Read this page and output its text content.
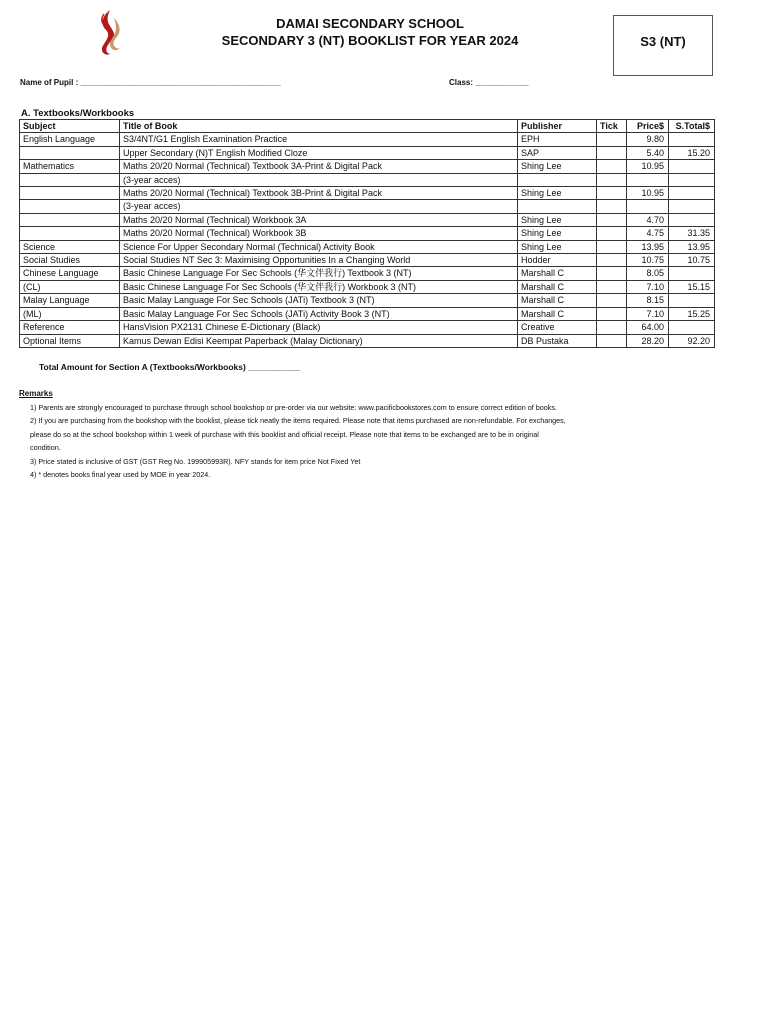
DAMAI SECONDARY SCHOOL
SECONDARY 3 (NT) BOOKLIST FOR YEAR 2024	S3 (NT)
Name of Pupil : _____________________________________________	Class: ____________
A. Textbooks/Workbooks
Subject	Title of Book	Publisher	Tick	Price$	S.Total$
English Language	S3/4NT/G1 English Examination Practice	EPH		9.80	
	Upper Secondary (N)T English Modified Cloze	SAP		5.40	15.20
Mathematics	Maths 20/20 Normal (Technical) Textbook 3A-Print & Digital Pack	Shing Lee		10.95	
	(3-year acces)				
	Maths 20/20 Normal (Technical) Textbook 3B-Print & Digital Pack	Shing Lee		10.95	
	(3-year acces)				
	Maths 20/20 Normal (Technical) Workbook 3A	Shing Lee		4.70	
	Maths 20/20 Normal (Technical) Workbook 3B	Shing Lee		4.75	31.35
Science	Science For Upper Secondary Normal (Technical) Activity Book	Shing Lee		13.95	13.95
Social Studies	Social Studies NT Sec 3: Maximising Opportunities In a Changing World	Hodder		10.75	10.75
Chinese Language	Basic Chinese Language For Sec Schools (华文伴我行) Textbook 3 (NT)	Marshall C		8.05	
(CL)	Basic Chinese Language For Sec Schools (华文伴我行) Workbook 3 (NT)	Marshall C		7.10	15.15
Malay Language	Basic Malay Language For Sec Schools (JATi) Textbook 3 (NT)	Marshall C		8.15	
(ML)	Basic Malay Language For Sec Schools (JATi) Activity Book 3 (NT)	Marshall C		7.10	15.25
Reference	HansVision PX2131 Chinese E-Dictionary (Black)	Creative		64.00	
Optional Items	Kamus Dewan Edisi Keempat Paperback (Malay Dictionary)	DB Pustaka		28.20	92.20
Total Amount for Section A (Textbooks/Workbooks) ___________
Remarks
1) Parents are strongly encouraged to purchase through school bookshop or pre-order via our website: www.pacificbookstores.com to ensure correct edition of books.
2) If you are purchasing from the bookshop with the booklist, please tick neatly the items required. Please note that items purchased are non-refundable. For exchanges,
please do so at the school bookshop within 1 week of purchase with this booklist and official receipt. Please note that items to be exchanged are to be in original
condition.
3) Price stated is inclusive of GST (GST Reg No. 199905993R). NFY stands for item price Not Fixed Yet
4) * denotes books final year used by MOE in year 2024.
